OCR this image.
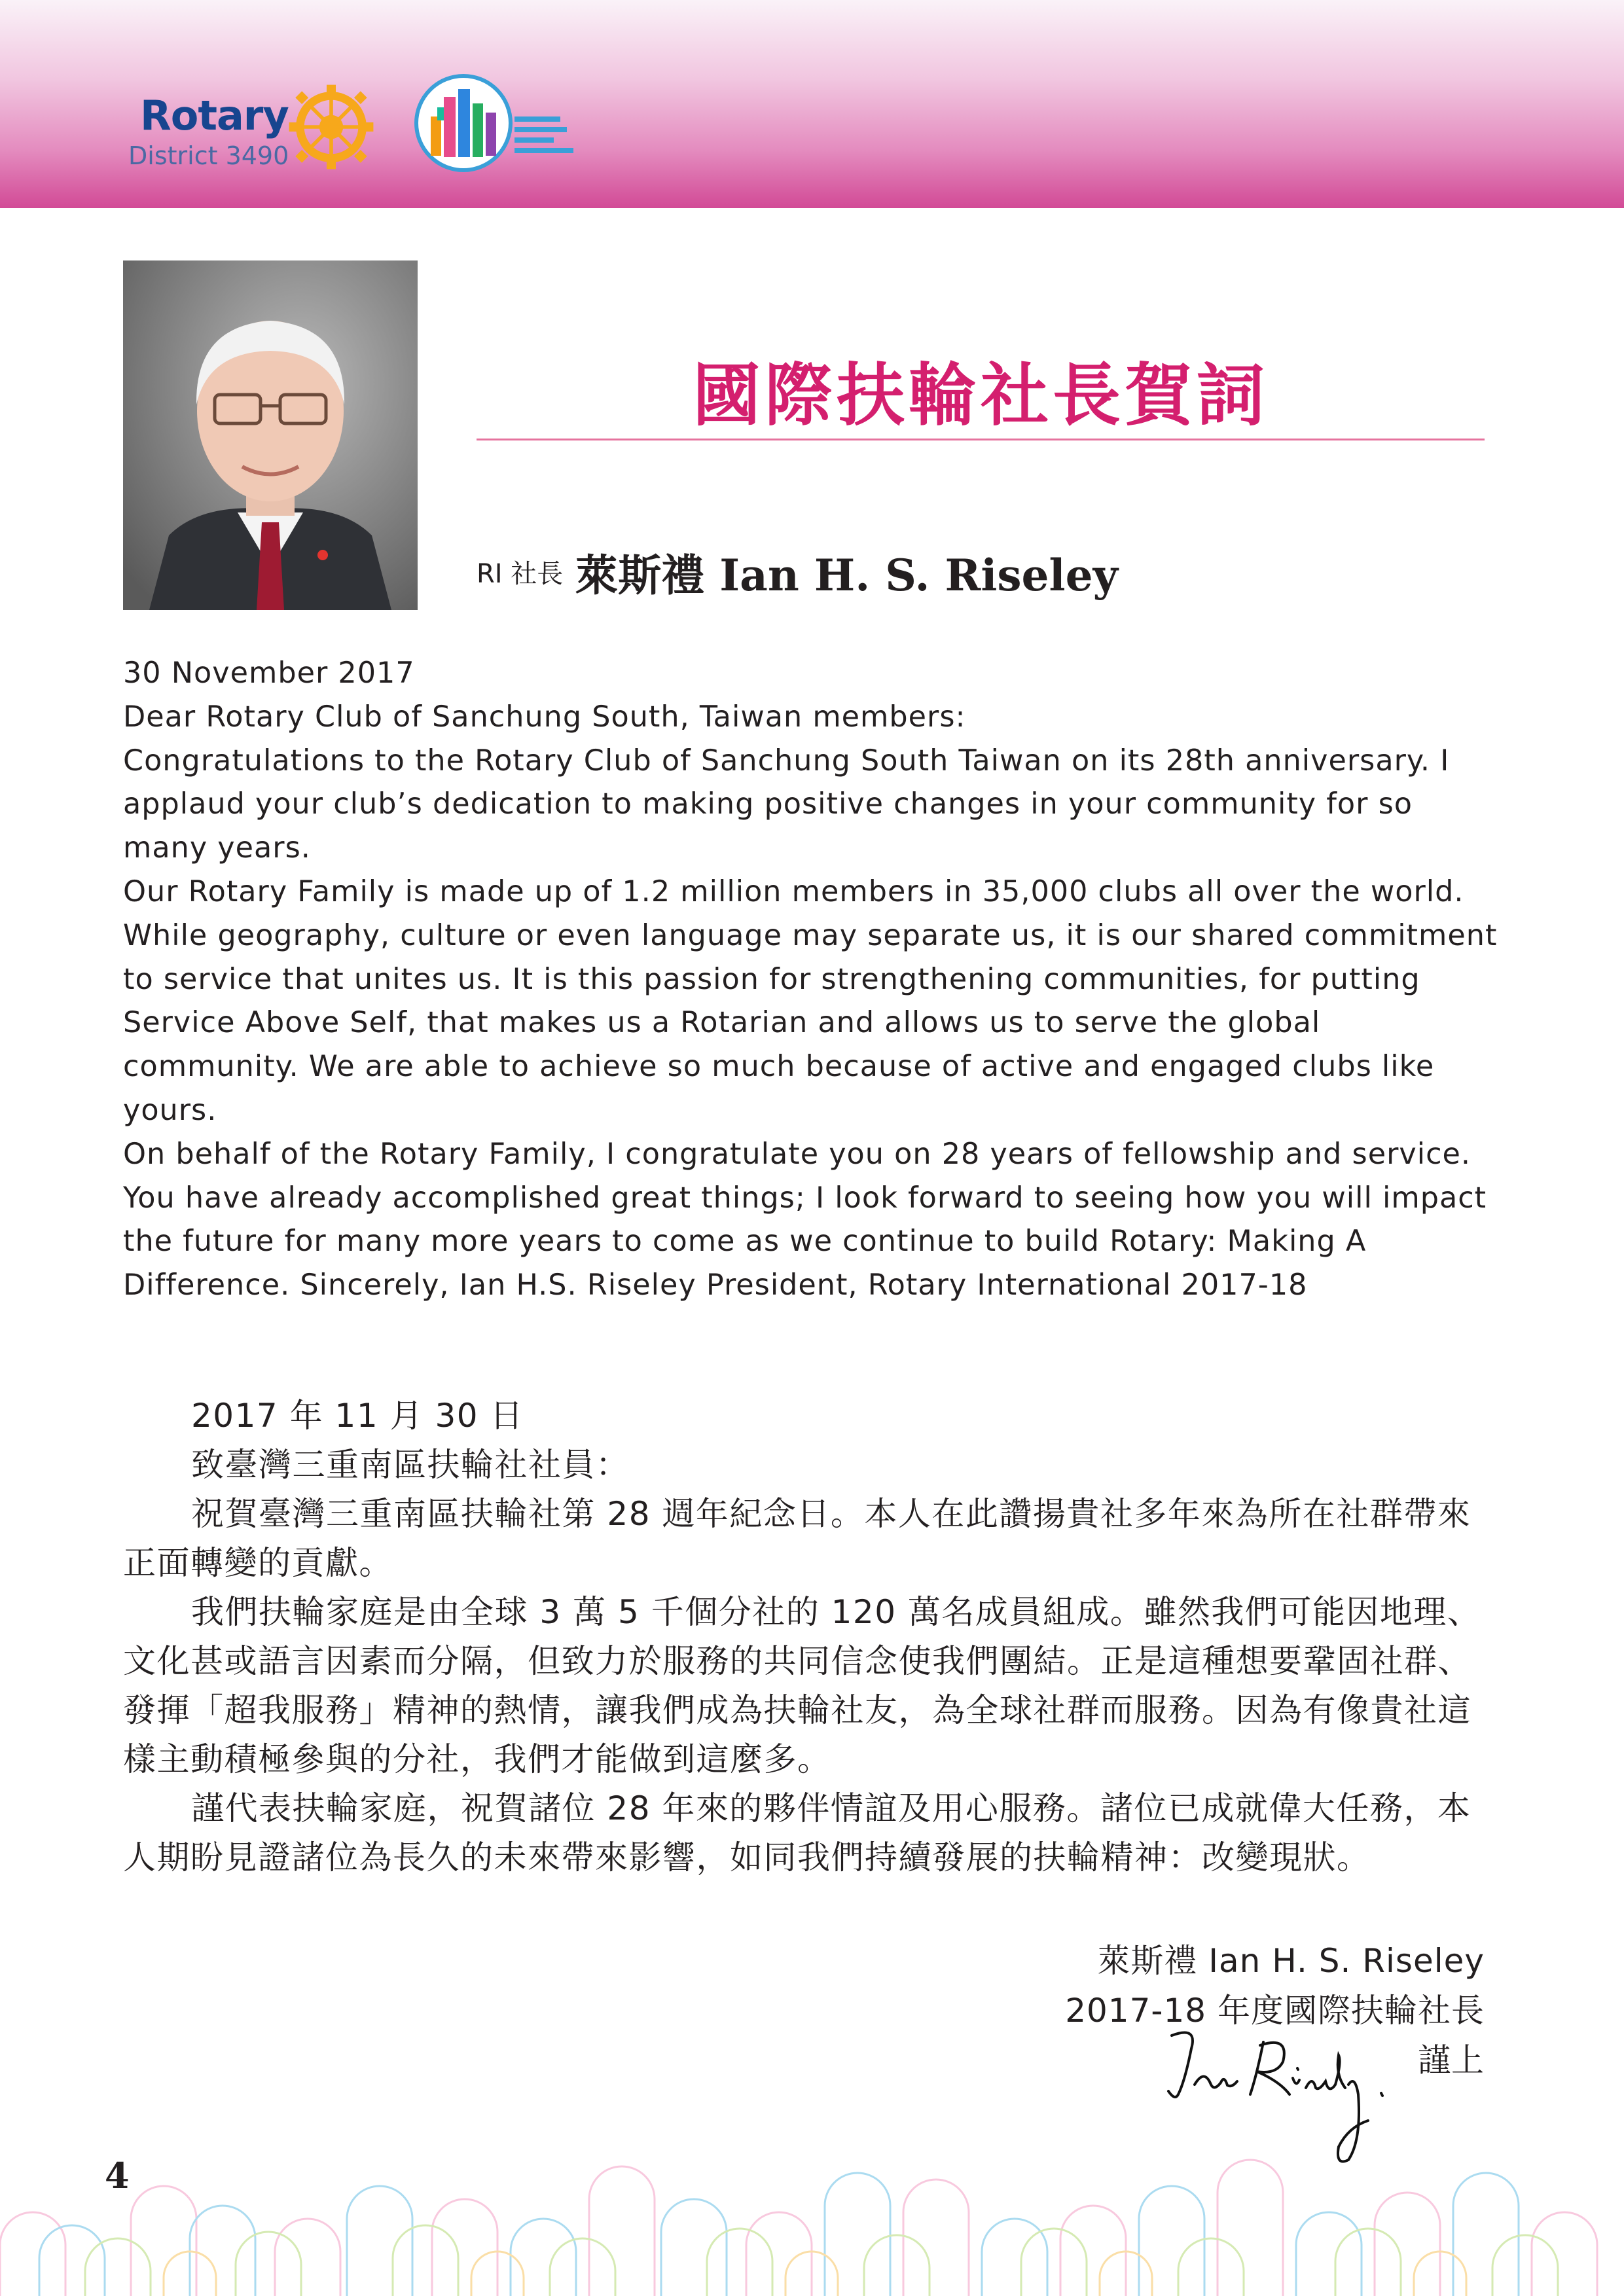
Rotary
District 3490
國際扶輪社長賀詞
RI 社長 萊斯禮 Ian H. S. Riseley

30 November 2017

Dear Rotary Club of Sanchung South, Taiwan members:

Congratulations to the Rotary Club of Sanchung South Taiwan on its 28th anniversary. I applaud your club’s dedication to making positive changes in your community for so many years.

Our Rotary Family is made up of 1.2 million members in 35,000 clubs all over the world. While geography, culture or even language may separate us, it is our shared commitment to service that unites us. It is this passion for strengthening communities, for putting Service Above Self, that makes us a Rotarian and allows us to serve the global community. We are able to achieve so much because of active and engaged clubs like yours.

On behalf of the Rotary Family, I congratulate you on 28 years of fellowship and service. You have already accomplished great things; I look forward to seeing how you will impact the future for many more years to come as we continue to build Rotary: Making A Difference. Sincerely, Ian H.S. Riseley President, Rotary International 2017-18

2017 年 11 月 30 日

致臺灣三重南區扶輪社社員：

祝賀臺灣三重南區扶輪社第 28 週年紀念日。本人在此讚揚貴社多年來為所在社群帶來正面轉變的貢獻。

我們扶輪家庭是由全球 3 萬 5 千個分社的 120 萬名成員組成。雖然我們可能因地理、文化甚或語言因素而分隔，但致力於服務的共同信念使我們團結。正是這種想要鞏固社群、發揮「超我服務」精神的熱情，讓我們成為扶輪社友，為全球社群而服務。因為有像貴社這樣主動積極參與的分社，我們才能做到這麼多。

謹代表扶輪家庭，祝賀諸位 28 年來的夥伴情誼及用心服務。諸位已成就偉大任務，本人期盼見證諸位為長久的未來帶來影響，如同我們持續發展的扶輪精神：改變現狀。

萊斯禮 Ian H. S. Riseley
2017-18 年度國際扶輪社長
謹上
4
